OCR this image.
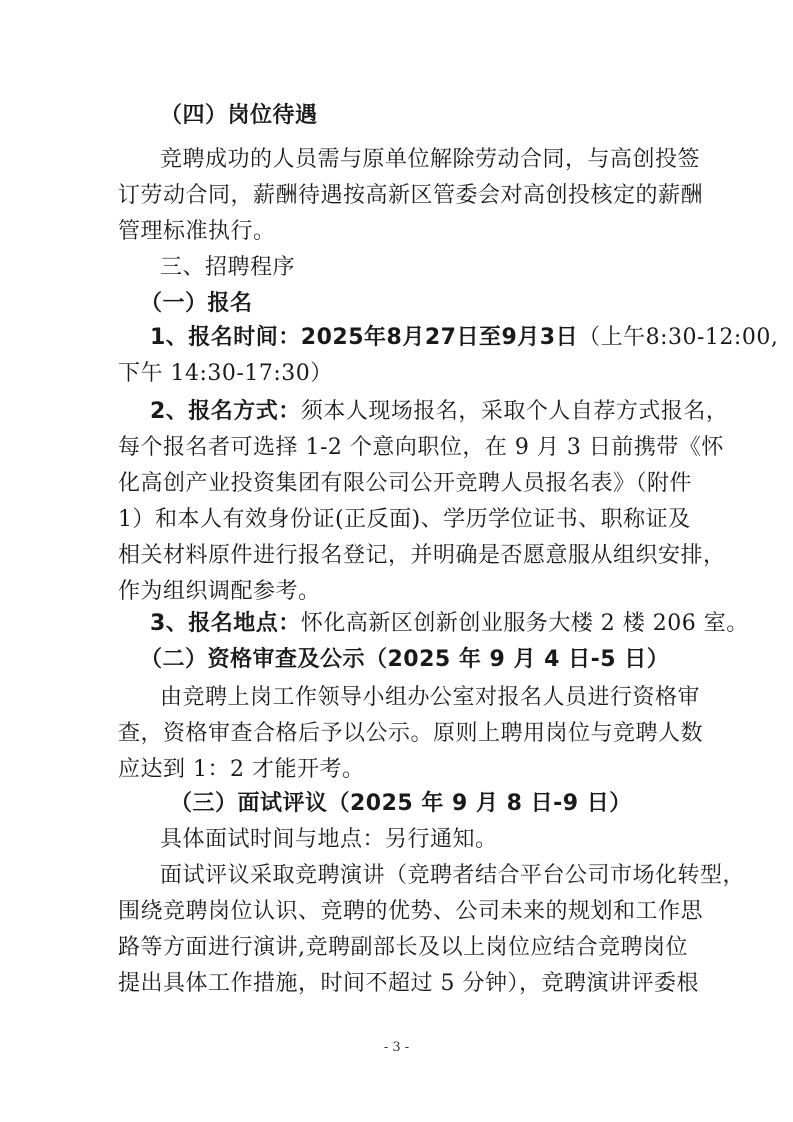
（四）岗位待遇
竞聘成功的人员需与原单位解除劳动合同，与高创投签
订劳动合同，薪酬待遇按高新区管委会对高创投核定的薪酬
管理标准执行。
三、招聘程序
（一）报名
1、报名时间：2025年8月27日至9月3日（上午8:30-12:00,
下午 14:30-17:30）
2、报名方式：须本人现场报名，采取个人自荐方式报名，
每个报名者可选择 1-2 个意向职位，在 9 月 3 日前携带《怀
化高创产业投资集团有限公司公开竞聘人员报名表》（附件
1）和本人有效身份证(正反面)、学历学位证书、职称证及
相关材料原件进行报名登记，并明确是否愿意服从组织安排，
作为组织调配参考。
3、报名地点：怀化高新区创新创业服务大楼 2 楼 206 室。
（二）资格审查及公示（2025 年 9 月 4 日-5 日）
由竞聘上岗工作领导小组办公室对报名人员进行资格审
查，资格审查合格后予以公示。原则上聘用岗位与竞聘人数
应达到 1：2 才能开考。
（三）面试评议（2025 年 9 月 8 日-9 日）
具体面试时间与地点：另行通知。
面试评议采取竞聘演讲（竞聘者结合平台公司市场化转型，
围绕竞聘岗位认识、竞聘的优势、公司未来的规划和工作思
路等方面进行演讲,竞聘副部长及以上岗位应结合竞聘岗位
提出具体工作措施，时间不超过 5 分钟），竞聘演讲评委根
- 3 -
